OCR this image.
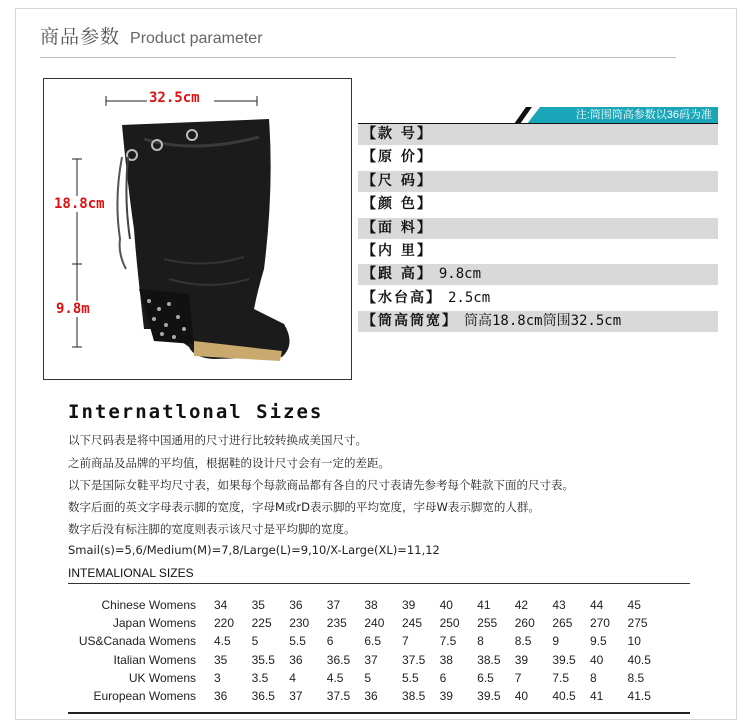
商品参数 Product parameter
32.5cm
18.8cm
9.8m
注:筒围筒高参数以36码为准
【款 号】
【原 价】
【尺 码】
【颜 色】
【面 料】
【内 里】
【跟 高】 9.8cm
【水台高】 2.5cm
【筒高筒宽】 筒高18.8cm筒围32.5cm
Internatlonal Sizes
以下尺码表是将中国通用的尺寸进行比较转换成美国尺寸。
之前商品及品牌的平均值，根据鞋的设计尺寸会有一定的差距。
以下是国际女鞋平均尺寸表，如果每个每款商品都有各自的尺寸表请先参考每个鞋款下面的尺寸表。
数字后面的英文字母表示脚的宽度，字母M或rD表示脚的平均宽度，字母W表示脚宽的人群。
数字后没有标注脚的宽度则表示该尺寸是平均脚的宽度。
Smail(s)=5,6/Medium(M)=7,8/Large(L)=9,10/X-Large(XL)=11,12
INTEMALIONAL SIZES
Chinese Womens	34	35	36	37	38	39	40	41	42	43	44	45
Japan Womens	220	225	230	235	240	245	250	255	260	265	270	275
US&Canada Womens	4.5	5	5.5	6	6.5	7	7.5	8	8.5	9	9.5	10
Italian Womens	35	35.5	36	36.5	37	37.5	38	38.5	39	39.5	40	40.5
UK Womens	3	3.5	4	4.5	5	5.5	6	6.5	7	7.5	8	8.5
European Womens	36	36.5	37	37.5	36	38.5	39	39.5	40	40.5	41	41.5
